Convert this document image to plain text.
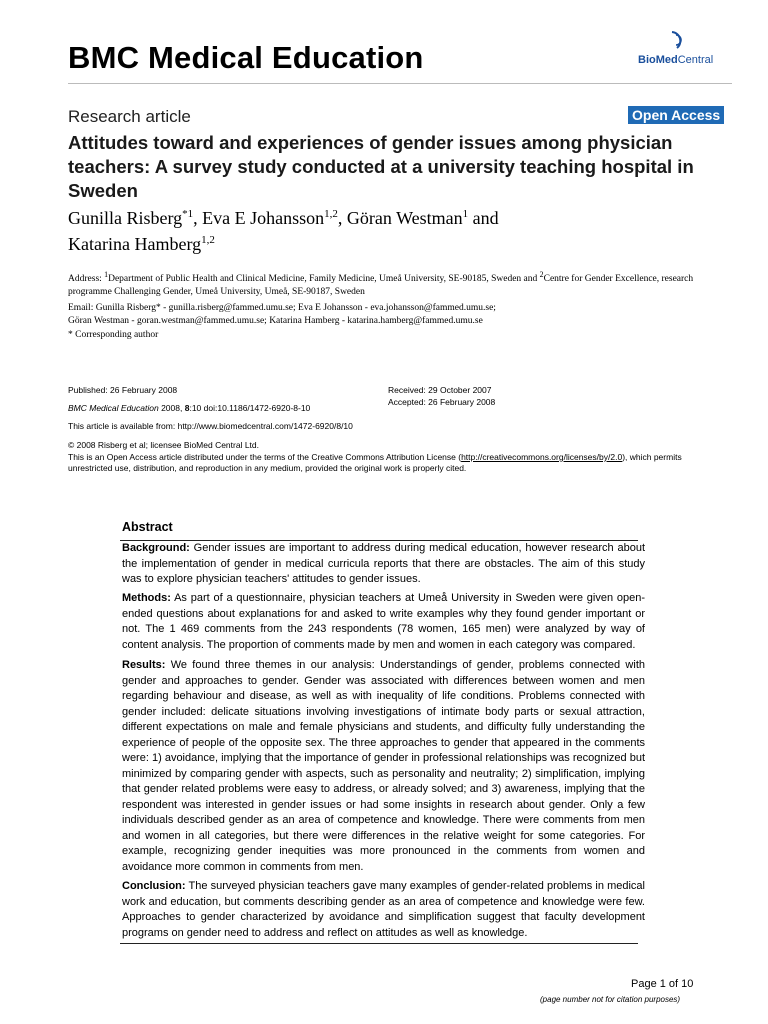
BMC Medical Education	BioMedCentral
Research article	Open Access
Attitudes toward and experiences of gender issues among physician teachers: A survey study conducted at a university teaching hospital in Sweden
Gunilla Risberg$^{*1}$, Eva E Johansson$^{1,2}$, Göran Westman$^1$ and
Katarina Hamberg$^{1,2}$
Address: $^1$Department of Public Health and Clinical Medicine, Family Medicine, Umeå University, SE-90185, Sweden and $^2$Centre for Gender Excellence, research programme Challenging Gender, Umeå University, Umeå, SE-90187, Sweden
Email: Gunilla Risberg* - gunilla.risberg@fammed.umu.se; Eva E Johansson - eva.johansson@fammed.umu.se;
Göran Westman - goran.westman@fammed.umu.se; Katarina Hamberg - katarina.hamberg@fammed.umu.se
* Corresponding author
Published: 26 February 2008
BMC Medical Education 2008, 8:10 doi:10.1186/1472-6920-8-10
Received: 29 October 2007
Accepted: 26 February 2008
This article is available from: http://www.biomedcentral.com/1472-6920/8/10
© 2008 Risberg et al; licensee BioMed Central Ltd.
This is an Open Access article distributed under the terms of the Creative Commons Attribution License (http://creativecommons.org/licenses/by/2.0), which permits unrestricted use, distribution, and reproduction in any medium, provided the original work is properly cited.
Abstract
Background: Gender issues are important to address during medical education, however research about the implementation of gender in medical curricula reports that there are obstacles. The aim of this study was to explore physician teachers' attitudes to gender issues.
Methods: As part of a questionnaire, physician teachers at Umeå University in Sweden were given open-ended questions about explanations for and asked to write examples why they found gender important or not. The 1 469 comments from the 243 respondents (78 women, 165 men) were analyzed by way of content analysis. The proportion of comments made by men and women in each category was compared.
Results: We found three themes in our analysis: Understandings of gender, problems connected with gender and approaches to gender. Gender was associated with differences between women and men regarding behaviour and disease, as well as with inequality of life conditions. Problems connected with gender included: delicate situations involving investigations of intimate body parts or sexual attraction, different expectations on male and female physicians and students, and difficulty fully understanding the experience of people of the opposite sex. The three approaches to gender that appeared in the comments were: 1) avoidance, implying that the importance of gender in professional relationships was recognized but minimized by comparing gender with aspects, such as personality and neutrality; 2) simplification, implying that gender related problems were easy to address, or already solved; and 3) awareness, implying that the respondent was interested in gender issues or had some insights in research about gender. Only a few individuals described gender as an area of competence and knowledge. There were comments from men and women in all categories, but there were differences in the relative weight for some categories. For example, recognizing gender inequities was more pronounced in the comments from women and avoidance more common in comments from men.
Conclusion: The surveyed physician teachers gave many examples of gender-related problems in medical work and education, but comments describing gender as an area of competence and knowledge were few. Approaches to gender characterized by avoidance and simplification suggest that faculty development programs on gender need to address and reflect on attitudes as well as knowledge.
Page 1 of 10
(page number not for citation purposes)
